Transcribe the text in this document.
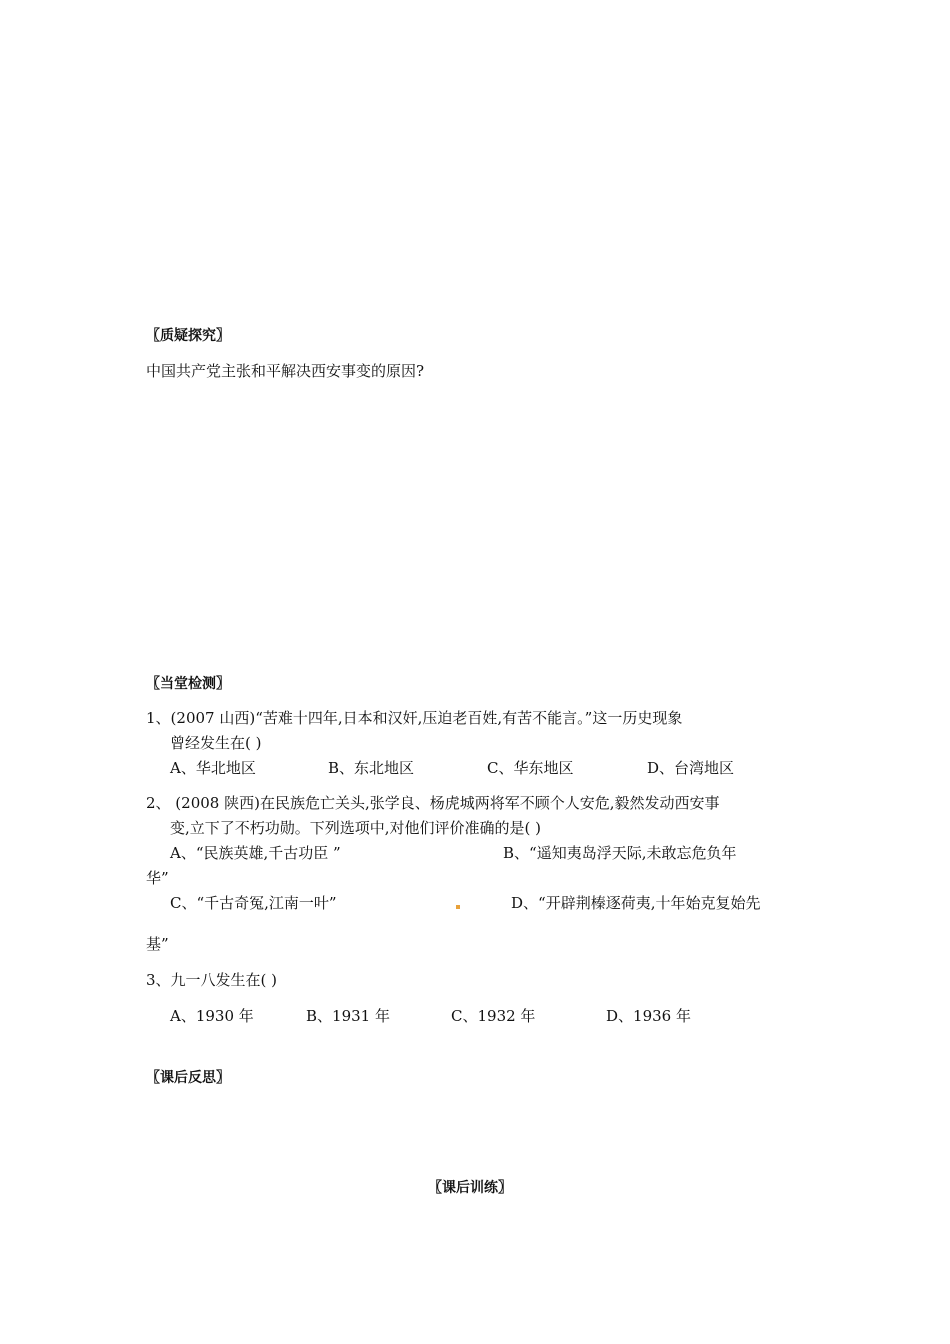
〖质疑探究〗
中国共产党主张和平解决西安事变的原因?
〖当堂检测〗
1、(2007 山西)“苦难十四年,日本和汉奸,压迫老百姓,有苦不能言。”这一历史现象
曾经发生在( )
A、华北地区	B、东北地区	C、华东地区	D、台湾地区
2、 (2008 陕西)在民族危亡关头,张学良、杨虎城两将军不顾个人安危,毅然发动西安事
变,立下了不朽功勋。下列选项中,对他们评价准确的是( )
A、“民族英雄,千古功臣 ”	B、“遥知夷岛浮天际,未敢忘危负年
华”
C、“千古奇冤,江南一叶”	D、“开辟荆榛逐荷夷,十年始克复始先
基”
3、九一八发生在( )
A、1930 年	B、1931 年	C、1932 年	D、1936 年
〖课后反思〗
〖课后训练〗
